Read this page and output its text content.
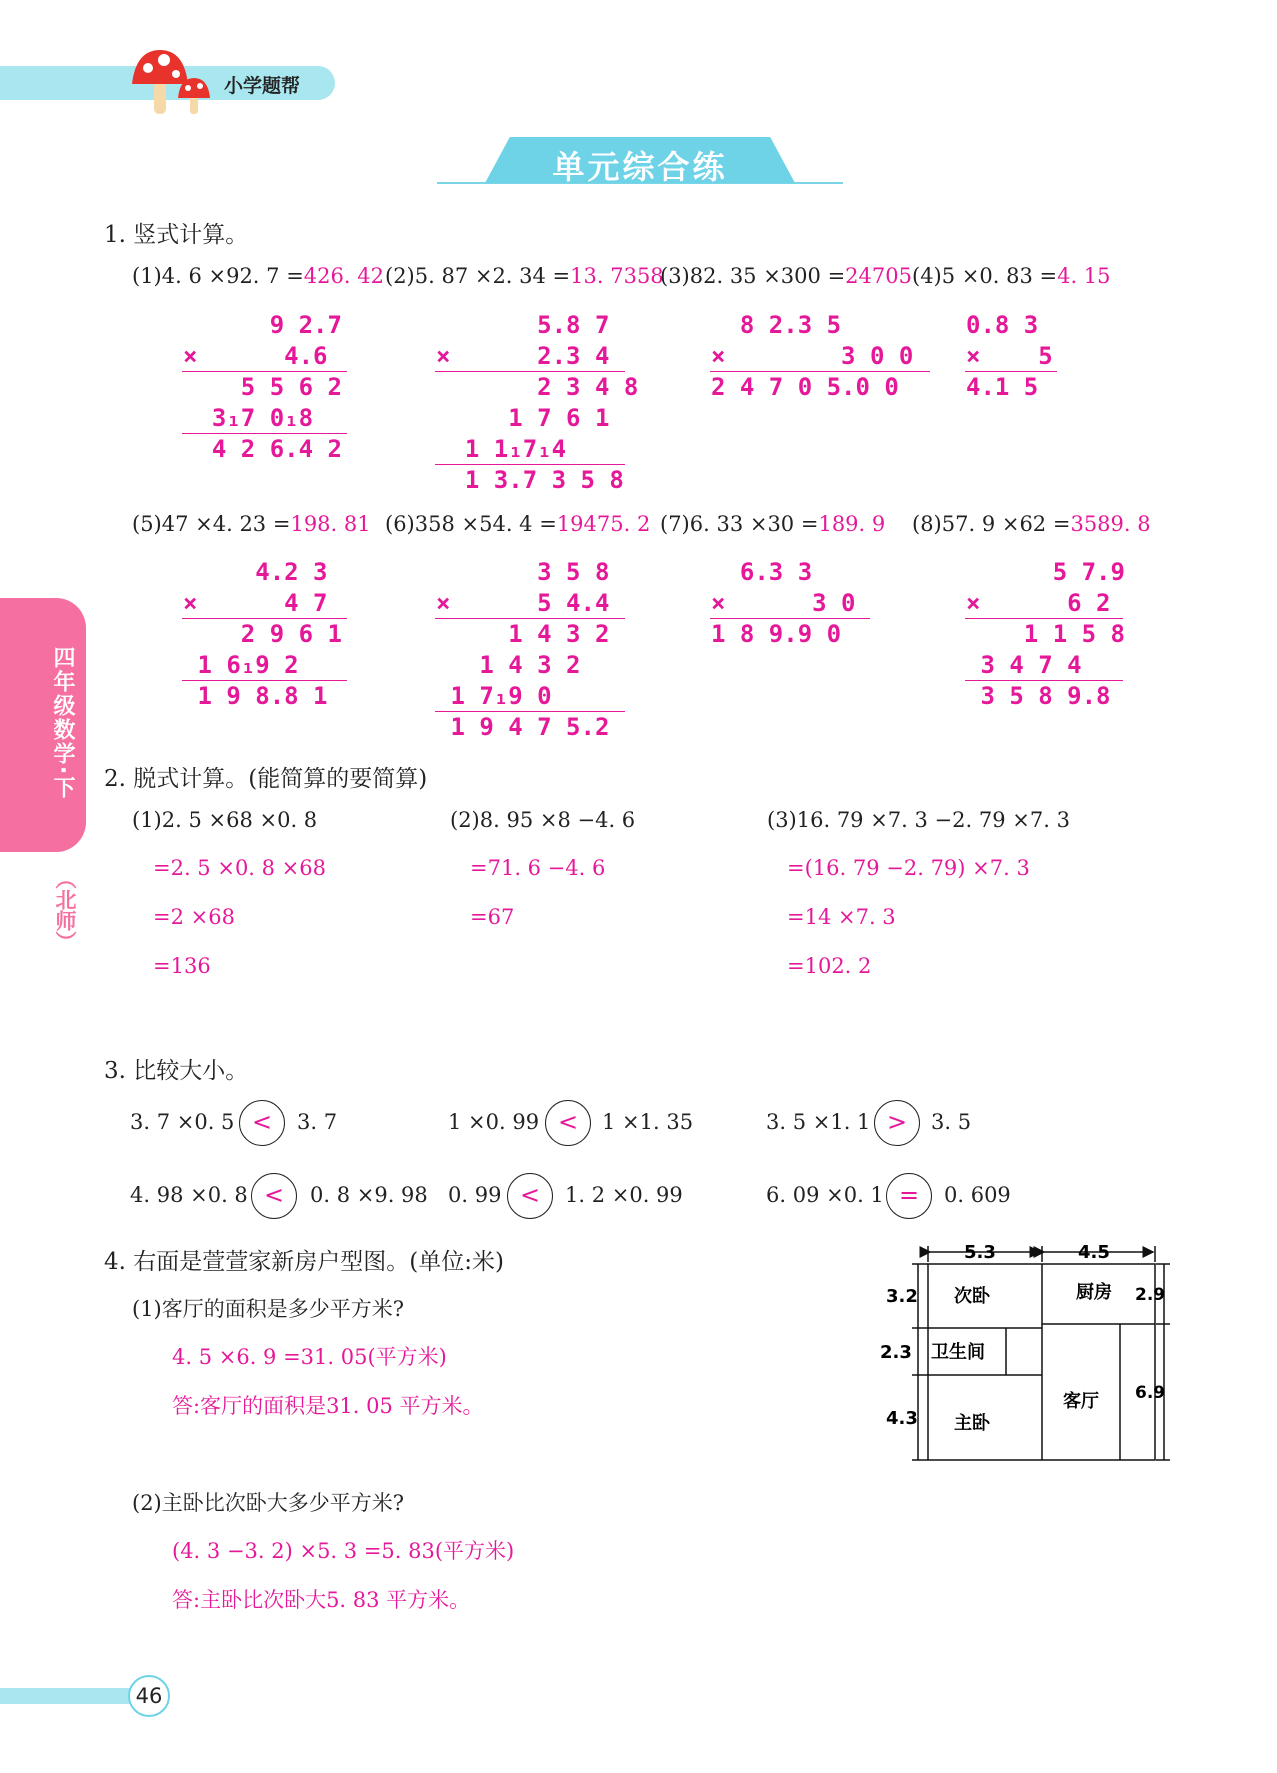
小学题帮
单元综合练
四年级数学·下
（北师）
1. 竖式计算。
(1)4. 6 ×92. 7 =426. 42 (2)5. 87 ×2. 34 =13. 7358
(3)82. 35 ×300 =24705 (4)5 ×0. 83 =4. 15
9 2.7
×      4.6
5 5 6 2
3₁7 0₁8
4 2 6.4 2
5.8 7
×      2.3 4
2 3 4 8
1 7 6 1
1 1₁7₁4
1 3.7 3 5 8
8 2.3 5
×        3 0 0
2 4 7 0 5.0 0
0.8 3
×    5
4.1 5
(5)47 ×4. 23 =198. 81 (6)358 ×54. 4 =19475. 2 (7)6. 33 ×30 =189. 9 (8)57. 9 ×62 =3589. 8
4.2 3
×      4 7
2 9 6 1
1 6₁9 2
1 9 8.8 1
3 5 8
×      5 4.4
1 4 3 2
1 4 3 2
1 7₁9 0
1 9 4 7 5.2
6.3 3
×      3 0
1 8 9.9 0
5 7.9
×      6 2
1 1 5 8
3 4 7 4
3 5 8 9.8
2. 脱式计算。(能简算的要简算)
(1)2. 5 ×68 ×0. 8
=2. 5 ×0. 8 ×68
=2 ×68
=136
(2)8. 95 ×8 −4. 6
=71. 6 −4. 6
=67
(3)16. 79 ×7. 3 −2. 79 ×7. 3
=(16. 79 −2. 79) ×7. 3
=14 ×7. 3
=102. 2
3. 比较大小。
3. 7 ×0. 5 <	3. 7	1 ×0. 99 <	1 ×1. 35	3. 5 ×1. 1 >	3. 5
4. 98 ×0. 8 <	0. 8 ×9. 98 0. 99 <	1. 2 ×0. 99	6. 09 ×0. 1 =	0. 609
4. 右面是萱萱家新房户型图。(单位:米)
(1)客厅的面积是多少平方米?
4. 5 ×6. 9 =31. 05(平方米)
答:客厅的面积是31. 05 平方米。
(2)主卧比次卧大多少平方米?
(4. 3 −3. 2) ×5. 3 =5. 83(平方米)
答:主卧比次卧大5. 83 平方米。
5.3	4.5
3.2
2.3
4.3
2.9
6.9
次卧	厨房
卫生间
主卧
客厅
46
